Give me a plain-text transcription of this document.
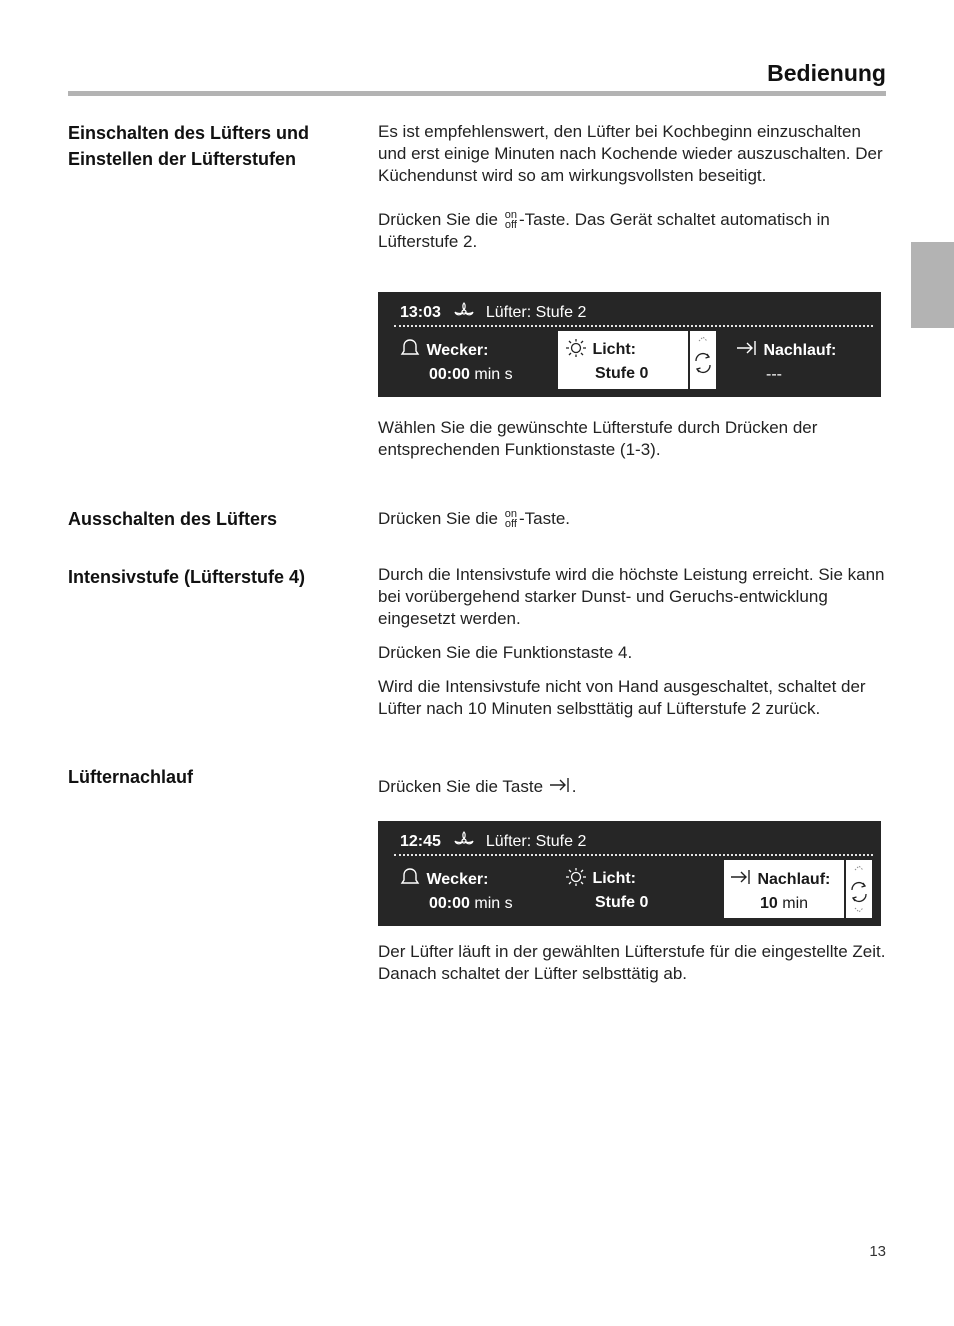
Bedienung
Einschalten des Lüfters und Einstellen der Lüfterstufen

Es ist empfehlenswert, den Lüfter bei Kochbeginn einzuschalten und erst einige Minuten nach Kochende wieder auszuschalten. Der Küchendunst wird so am wirkungsvollsten beseitigt.

Drücken Sie die on
off -Taste. Das Gerät schaltet automatisch in Lüfterstufe 2.

13:03	Lüfter: Stufe 2
Wecker:
00:00 min s
Licht:
Stufe 0
Nachlauf:
---
Wählen Sie die gewünschte Lüfterstufe durch Drücken der entsprechenden Funktionstaste (1-3).
Ausschalten des Lüfters	Drücken Sie die on
off -Taste.
Intensivstufe (Lüfterstufe 4)	Durch die Intensivstufe wird die höchste Leistung erreicht. Sie kann bei vorübergehend starker Dunst- und Geruchs-entwicklung eingesetzt werden.

Drücken Sie die Funktionstaste 4.

Wird die Intensivstufe nicht von Hand ausgeschaltet, schaltet der Lüfter nach 10 Minuten selbsttätig auf Lüfterstufe 2 zurück.

Lüfternachlauf	Drücken Sie die Taste .
12:45	Lüfter: Stufe 2
Wecker:
00:00 min s
Licht:
Stufe 0
Nachlauf:
10 min
Der Lüfter läuft in der gewählten Lüfterstufe für die eingestellte Zeit. Danach schaltet der Lüfter selbsttätig ab.
13
